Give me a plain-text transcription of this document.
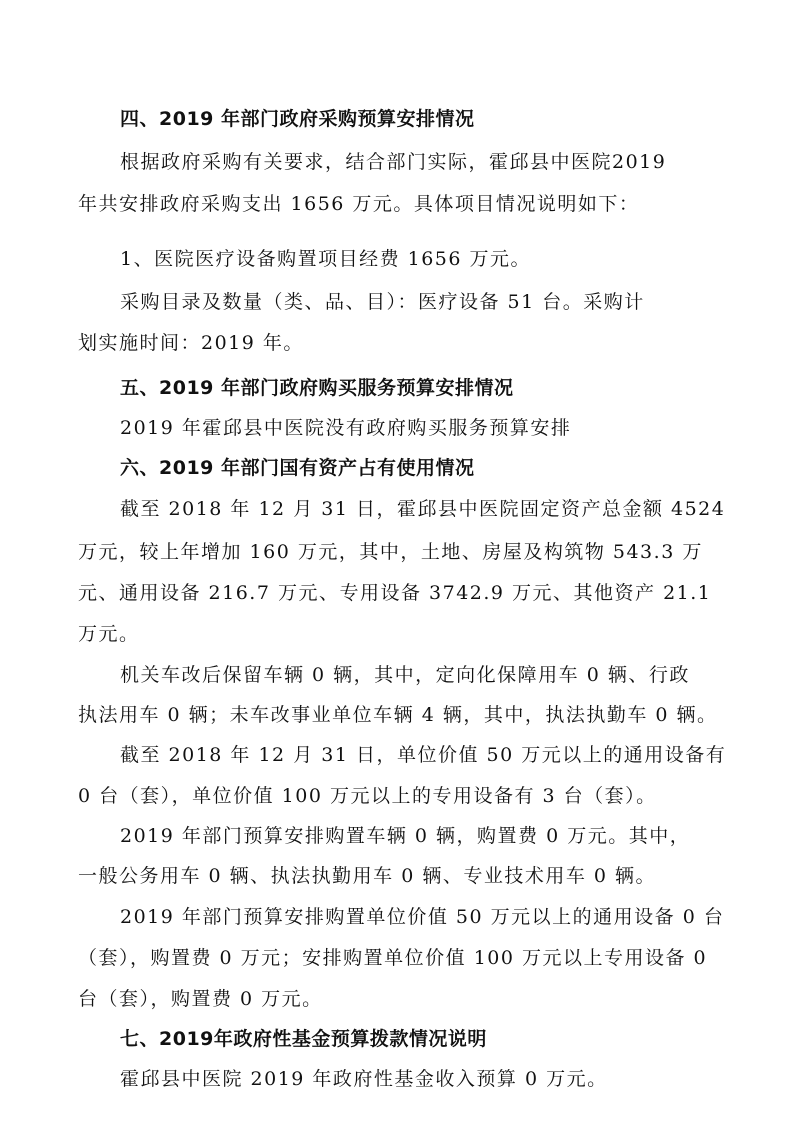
四、2019 年部门政府采购预算安排情况
根据政府采购有关要求，结合部门实际，霍邱县中医院2019
年共安排政府采购支出 1656 万元。具体项目情况说明如下：
1、医院医疗设备购置项目经费 1656 万元。
采购目录及数量（类、品、目）：医疗设备 51 台。采购计
划实施时间：2019 年。
五、2019 年部门政府购买服务预算安排情况
2019 年霍邱县中医院没有政府购买服务预算安排
六、2019 年部门国有资产占有使用情况
截至 2018 年 12 月 31 日，霍邱县中医院固定资产总金额 4524
万元，较上年增加 160 万元，其中，土地、房屋及构筑物 543.3 万
元、通用设备 216.7 万元、专用设备 3742.9 万元、其他资产 21.1
万元。
机关车改后保留车辆 0 辆，其中，定向化保障用车 0 辆、行政
执法用车 0 辆；未车改事业单位车辆 4 辆，其中，执法执勤车 0 辆。
截至 2018 年 12 月 31 日，单位价值 50 万元以上的通用设备有
0 台（套），单位价值 100 万元以上的专用设备有 3 台（套）。
2019 年部门预算安排购置车辆 0 辆，购置费 0 万元。其中，
一般公务用车 0 辆、执法执勤用车 0 辆、专业技术用车 0 辆。
2019 年部门预算安排购置单位价值 50 万元以上的通用设备 0 台
（套），购置费 0 万元；安排购置单位价值 100 万元以上专用设备 0
台（套），购置费 0 万元。
七、2019年政府性基金预算拨款情况说明
霍邱县中医院 2019 年政府性基金收入预算 0 万元。
